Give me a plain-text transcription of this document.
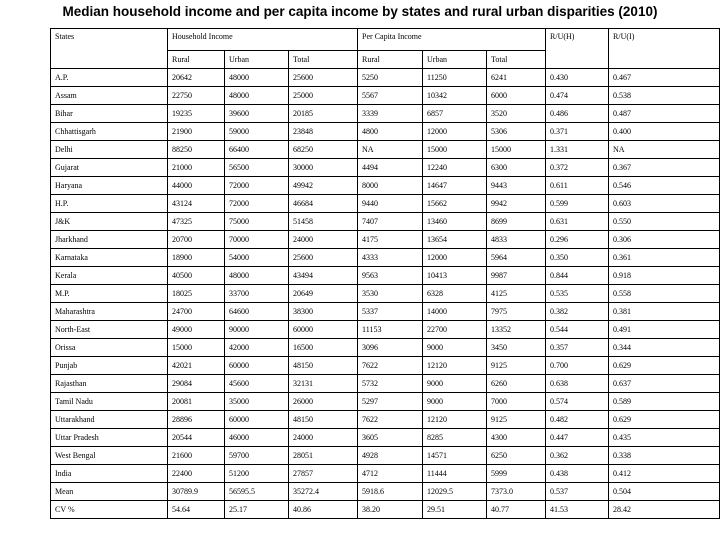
Median household income and per capita income by states and rural urban disparities (2010)
States	Household Income			Per Capita Income			R/U(H)	R/U(I)
	Rural	Urban	Total	Rural	Urban	Total		
A.P.	20642	48000	25600	5250	11250	6241	0.430	0.467
Assam	22750	48000	25000	5567	10342	6000	0.474	0.538
Bihar	19235	39600	20185	3339	6857	3520	0.486	0.487
Chhattisgarh	21900	59000	23848	4800	12000	5306	0.371	0.400
Delhi	88250	66400	68250	NA	15000	15000	1.331	NA
Gujarat	21000	56500	30000	4494	12240	6300	0.372	0.367
Haryana	44000	72000	49942	8000	14647	9443	0.611	0.546
H.P.	43124	72000	46684	9440	15662	9942	0.599	0.603
J&K	47325	75000	51458	7407	13460	8699	0.631	0.550
Jharkhand	20700	70000	24000	4175	13654	4833	0.296	0.306
Karnataka	18900	54000	25600	4333	12000	5964	0.350	0.361
Kerala	40500	48000	43494	9563	10413	9987	0.844	0.918
M.P.	18025	33700	20649	3530	6328	4125	0.535	0.558
Maharashtra	24700	64600	38300	5337	14000	7975	0.382	0.381
North-East	49000	90000	60000	11153	22700	13352	0.544	0.491
Orissa	15000	42000	16500	3096	9000	3450	0.357	0.344
Punjab	42021	60000	48150	7622	12120	9125	0.700	0.629
Rajasthan	29084	45600	32131	5732	9000	6260	0.638	0.637
Tamil Nadu	20081	35000	26000	5297	9000	7000	0.574	0.589
Uttarakhand	28896	60000	48150	7622	12120	9125	0.482	0.629
Uttar Pradesh	20544	46000	24000	3605	8285	4300	0.447	0.435
West Bengal	21600	59700	28051	4928	14571	6250	0.362	0.338
India	22400	51200	27857	4712	11444	5999	0.438	0.412
Mean	30789.9	56595.5	35272.4	5918.6	12029.5	7373.0	0.537	0.504
CV %	54.64	25.17	40.86	38.20	29.51	40.77	41.53	28.42
